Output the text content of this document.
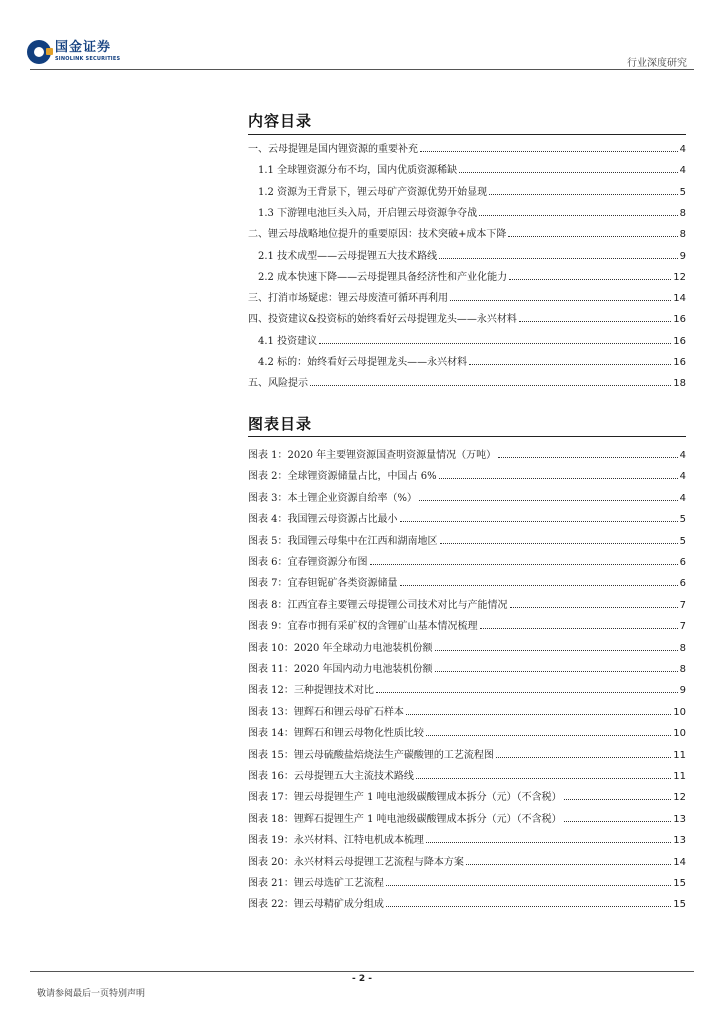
国金证券
SINOLINK SECURITIES	行业深度研究
内容目录
一、云母提锂是国内锂资源的重要补充	4
1.1 全球锂资源分布不均，国内优质资源稀缺	4
1.2 资源为王背景下，锂云母矿产资源优势开始显现	5
1.3 下游锂电池巨头入局，开启锂云母资源争夺战	8
二、锂云母战略地位提升的重要原因：技术突破+成本下降	8
2.1 技术成型——云母提锂五大技术路线	9
2.2 成本快速下降——云母提锂具备经济性和产业化能力	12
三、打消市场疑虑：锂云母废渣可循环再利用	14
四、投资建议&投资标的始终看好云母提锂龙头——永兴材料	16
4.1 投资建议	16
4.2 标的：始终看好云母提锂龙头——永兴材料	16
五、风险提示	18
图表目录
图表 1：2020 年主要锂资源国查明资源量情况（万吨）	4
图表 2：全球锂资源储量占比，中国占 6%	4
图表 3：本土锂企业资源自给率（%）	4
图表 4：我国锂云母资源占比最小	5
图表 5：我国锂云母集中在江西和湖南地区	5
图表 6：宜春锂资源分布图	6
图表 7：宜春钽铌矿各类资源储量	6
图表 8：江西宜春主要锂云母提锂公司技术对比与产能情况	7
图表 9：宜春市拥有采矿权的含锂矿山基本情况梳理	7
图表 10：2020 年全球动力电池装机份额	8
图表 11：2020 年国内动力电池装机份额	8
图表 12：三种提锂技术对比	9
图表 13：锂辉石和锂云母矿石样本	10
图表 14：锂辉石和锂云母物化性质比较	10
图表 15：锂云母硫酸盐焙烧法生产碳酸锂的工艺流程图	11
图表 16：云母提锂五大主流技术路线	11
图表 17：锂云母提锂生产 1 吨电池级碳酸锂成本拆分（元）（不含税）	12
图表 18：锂辉石提锂生产 1 吨电池级碳酸锂成本拆分（元）（不含税）	13
图表 19：永兴材料、江特电机成本梳理	13
图表 20：永兴材料云母提锂工艺流程与降本方案	14
图表 21：锂云母选矿工艺流程	15
图表 22：锂云母精矿成分组成	15
- 2 -
敬请参阅最后一页特别声明
